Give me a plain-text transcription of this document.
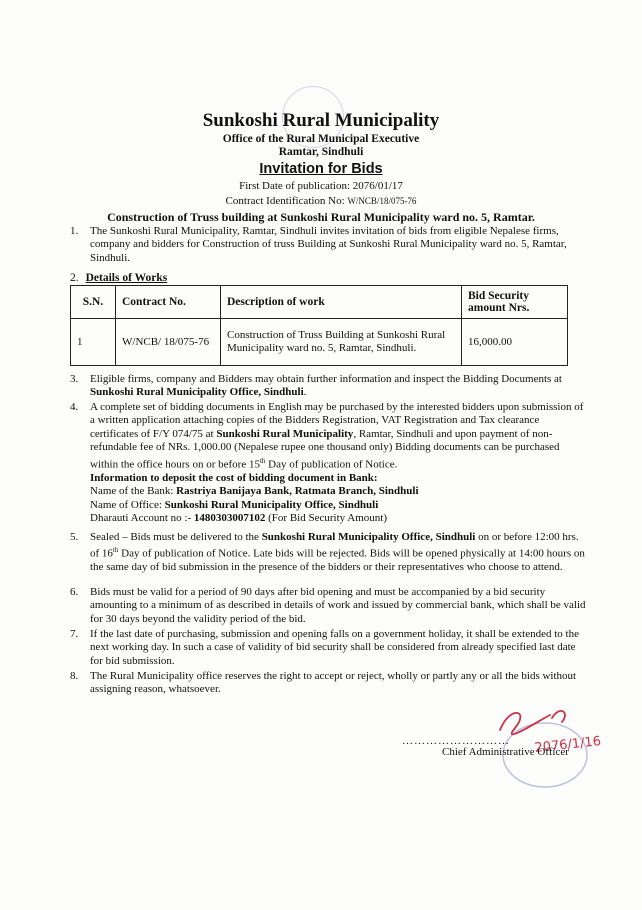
Sunkoshi Rural Municipality
Office of the Rural Municipal Executive
Ramtar, Sindhuli
Invitation for Bids
First Date of publication: 2076/01/17
Contract Identification No: W/NCB/18/075-76
Construction of Truss building at Sunkoshi Rural Municipality ward no. 5, Ramtar.
1. The Sunkoshi Rural Municipality, Ramtar, Sindhuli invites invitation of bids from eligible Nepalese firms, company and bidders for Construction of truss Building at Sunkoshi Rural Municipality ward no. 5, Ramtar, Sindhuli.
2. Details of Works
S.N.	Contract No.	Description of work	Bid Security amount Nrs.
1	W/NCB/ 18/075-76	Construction of Truss Building at Sunkoshi Rural Municipality ward no. 5, Ramtar, Sindhuli.	16,000.00
3. Eligible firms, company and Bidders may obtain further information and inspect the Bidding Documents at Sunkoshi Rural Municipality Office, Sindhuli.
4. A complete set of bidding documents in English may be purchased by the interested bidders upon submission of a written application attaching copies of the Bidders Registration, VAT Registration and Tax clearance certificates of F/Y 074/75 at Sunkoshi Rural Municipality, Ramtar, Sindhuli and upon payment of non-refundable fee of NRs. 1,000.00 (Nepalese rupee one thousand only) Bidding documents can be purchased within the office hours on or before 15th Day of publication of Notice.
Information to deposit the cost of bidding document in Bank:
Name of the Bank: Rastriya Banijaya Bank, Ratmata Branch, Sindhuli
Name of Office: Sunkoshi Rural Municipality Office, Sindhuli
Dharauti Account no :- 1480303007102 (For Bid Security Amount)
5. Sealed – Bids must be delivered to the Sunkoshi Rural Municipality Office, Sindhuli on or before 12:00 hrs. of 16th Day of publication of Notice. Late bids will be rejected. Bids will be opened physically at 14:00 hours on the same day of bid submission in the presence of the bidders or their representatives who choose to attend.
6. Bids must be valid for a period of 90 days after bid opening and must be accompanied by a bid security amounting to a minimum of as described in details of work and issued by commercial bank, which shall be valid for 30 days beyond the validity period of the bid.
7. If the last date of purchasing, submission and opening falls on a government holiday, it shall be extended to the next working day. In such a case of validity of bid security shall be considered from already specified last date for bid submission.
8. The Rural Municipality office reserves the right to accept or reject, wholly or partly any or all the bids without assigning reason, whatsoever.
2076/1/16
………………………
Chief Administrative Officer
